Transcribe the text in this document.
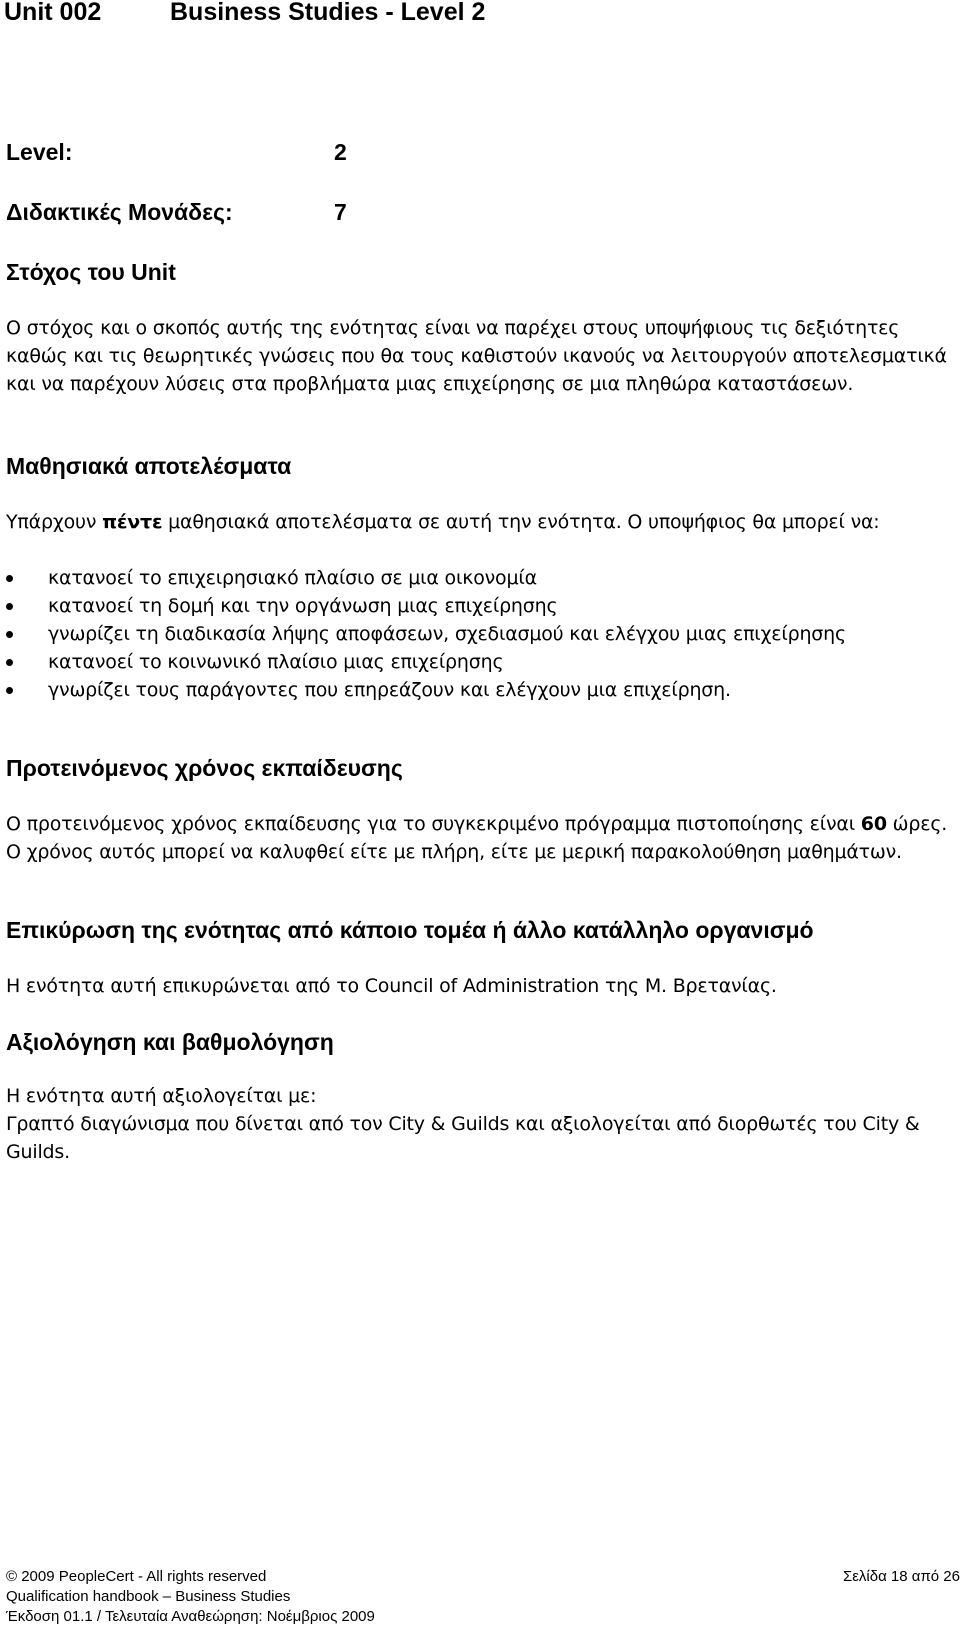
Unit 002	Business Studies - Level 2
Level:	2
Διδακτικές Μονάδες:	7
Στόχος του Unit

Ο στόχος και ο σκοπός αυτής της ενότητας είναι να παρέχει στους υποψήφιους τις δεξιότητες καθώς και τις θεωρητικές γνώσεις που θα τους καθιστούν ικανούς να λειτουργούν αποτελεσματικά και να παρέχουν λύσεις στα προβλήματα μιας επιχείρησης σε μια πληθώρα καταστάσεων.

Μαθησιακά αποτελέσματα

Υπάρχουν πέντε μαθησιακά αποτελέσματα σε αυτή την ενότητα. Ο υποψήφιος θα μπορεί να:

κατανοεί το επιχειρησιακό πλαίσιο σε μια οικονομία
κατανοεί τη δομή και την οργάνωση μιας επιχείρησης
γνωρίζει τη διαδικασία λήψης αποφάσεων, σχεδιασμού και ελέγχου μιας επιχείρησης
κατανοεί το κοινωνικό πλαίσιο μιας επιχείρησης
γνωρίζει τους παράγοντες που επηρεάζουν και ελέγχουν μια επιχείρηση.
Προτεινόμενος χρόνος εκπαίδευσης

Ο προτεινόμενος χρόνος εκπαίδευσης για το συγκεκριμένο πρόγραμμα πιστοποίησης είναι 60 ώρες. Ο χρόνος αυτός μπορεί να καλυφθεί είτε με πλήρη, είτε με μερική παρακολούθηση μαθημάτων.

Επικύρωση της ενότητας από κάποιο τομέα ή άλλο κατάλληλο οργανισμό

Η ενότητα αυτή επικυρώνεται από το Council of Administration της Μ. Βρετανίας.

Αξιολόγηση και βαθμολόγηση

Η ενότητα αυτή αξιολογείται με:

Γραπτό διαγώνισμα που δίνεται από τον City & Guilds και αξιολογείται από διορθωτές του City & Guilds.

© 2009 PeopleCert - All rights reserved	Σελίδα 18 από 26
Qualification handbook – Business Studies
Έκδοση 01.1 / Τελευταία Αναθεώρηση: Νοέμβριος 2009
